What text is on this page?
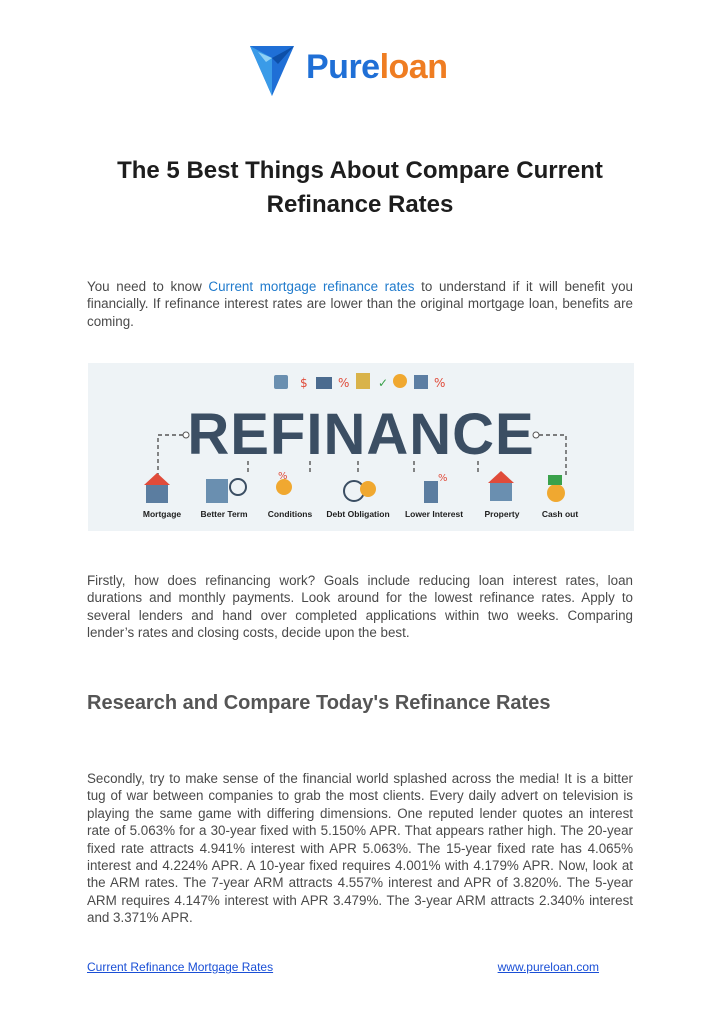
Pureloan
The 5 Best Things About Compare Current Refinance Rates

You need to know Current mortgage refinance rates to understand if it will benefit you financially. If refinance interest rates are lower than the original mortgage loan, benefits are coming.

$	% ✓	%
%	%
REFINANCE
Mortgage	Better Term	Conditions	Debt Obligation	Lower Interest	Property	Cash out

Firstly, how does refinancing work? Goals include reducing loan interest rates, loan durations and monthly payments. Look around for the lowest refinance rates. Apply to several lenders and hand over completed applications within two weeks. Comparing lender’s rates and closing costs, decide upon the best.

Research and Compare Today's Refinance Rates

Secondly, try to make sense of the financial world splashed across the media! It is a bitter tug of war between companies to grab the most clients. Every daily advert on television is playing the same game with differing dimensions. One reputed lender quotes an interest rate of 5.063% for a 30-year fixed with 5.150% APR. That appears rather high. The 20-year fixed rate attracts 4.941% interest with APR 5.063%. The 15-year fixed rate has 4.065% interest and 4.224% APR. A 10-year fixed requires 4.001% with 4.179% APR. Now, look at the ARM rates. The 7-year ARM attracts 4.557% interest and APR of 3.820%. The 5-year ARM requires 4.147% interest with APR 3.479%. The 3-year ARM attracts 2.340% interest and 3.371% APR.

Current Refinance Mortgage Rates	www.pureloan.com
